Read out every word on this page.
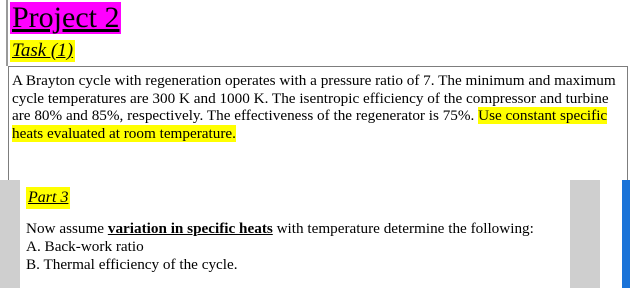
Project 2
Task (1)
A Brayton cycle with regeneration operates with a pressure ratio of 7. The minimum and maximum cycle temperatures are 300 K and 1000 K. The isentropic efficiency of the compressor and turbine are 80% and 85%, respectively. The effectiveness of the regenerator is 75%. Use constant specific heats evaluated at room temperature.
Part 3
Now assume variation in specific heats with temperature determine the following:
A. Back-work ratio
B. Thermal efficiency of the cycle.
